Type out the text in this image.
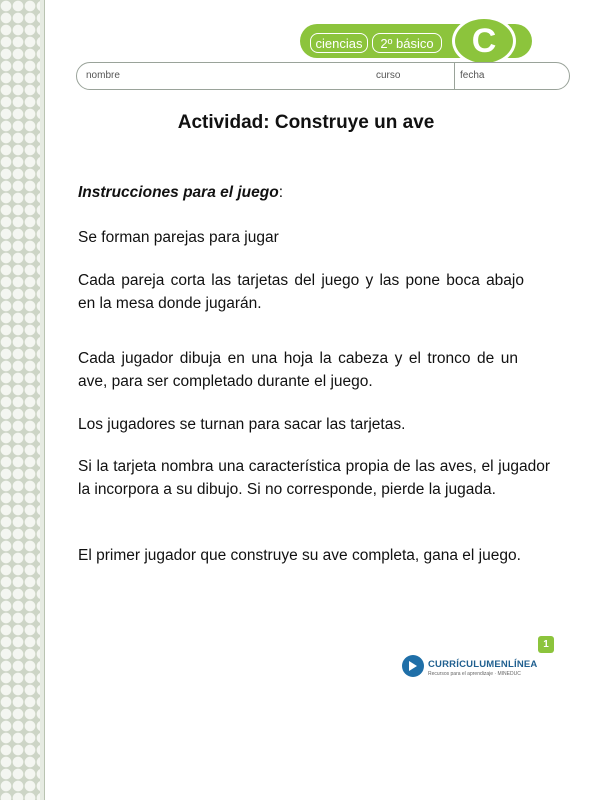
ciencias	2º básico	C
nombre	curso	fecha
Actividad: Construye un ave
Instrucciones para el juego:
Se forman parejas para jugar
Cada pareja corta las tarjetas del juego y las pone boca abajo en la mesa donde jugarán.
Cada jugador dibuja en una hoja la cabeza y el tronco de un ave, para ser completado durante el juego.
Los jugadores se turnan para sacar las tarjetas.
Si la tarjeta nombra una característica propia de las aves, el jugador la incorpora a su dibujo. Si no corresponde, pierde la jugada.
El primer jugador que construye su ave completa, gana el juego.
1
CURRÍCULUMENLÍNEA
Recursos para el aprendizaje · MINEDUC
